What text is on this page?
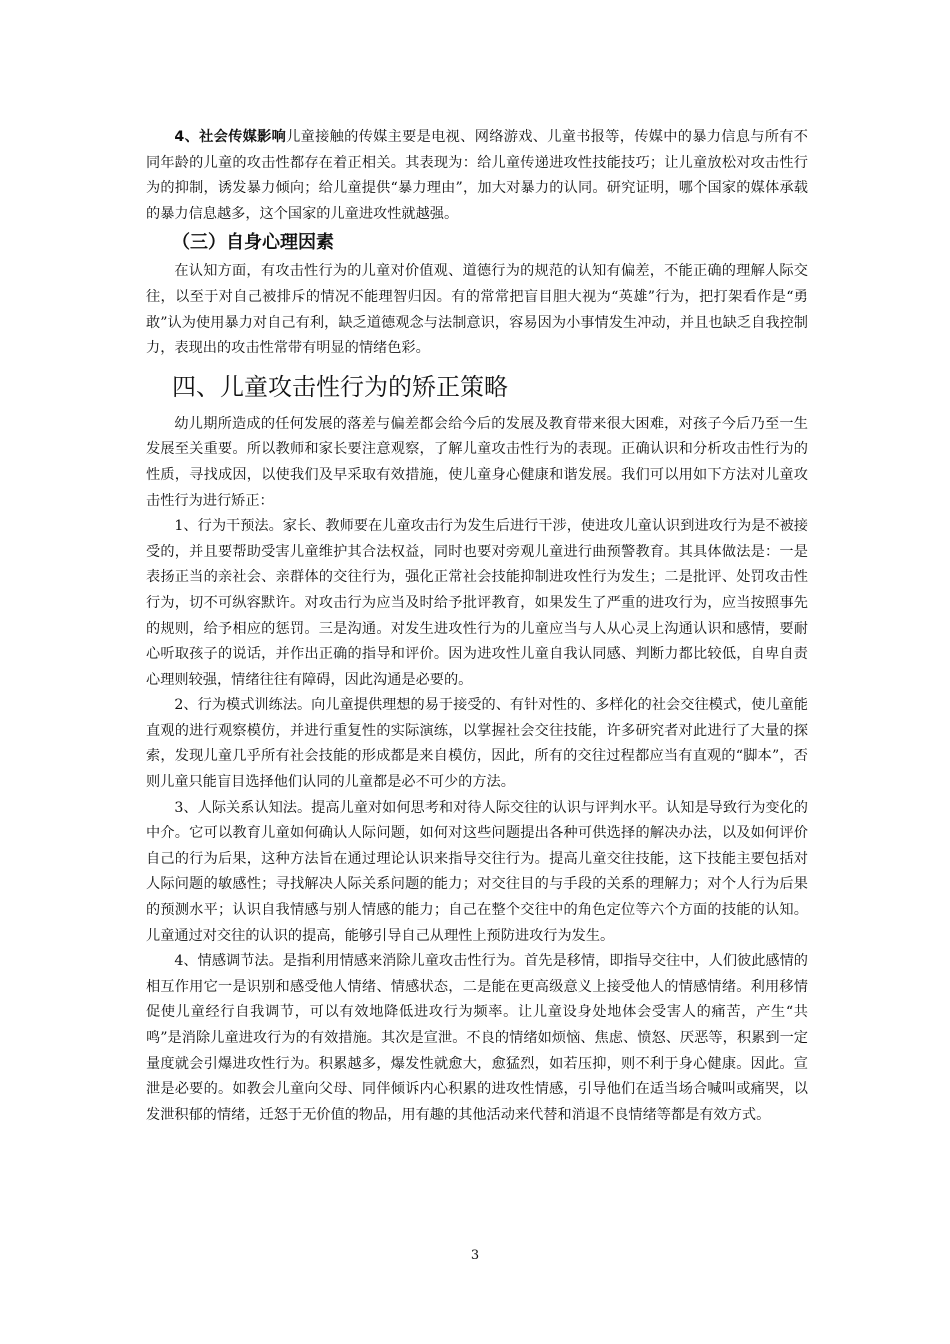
4、社会传媒影响儿童接触的传媒主要是电视、网络游戏、儿童书报等，传媒中的暴力信息与所有不同年龄的儿童的攻击性都存在着正相关。其表现为：给儿童传递进攻性技能技巧；让儿童放松对攻击性行为的抑制，诱发暴力倾向；给儿童提供“暴力理由”，加大对暴力的认同。研究证明，哪个国家的媒体承载的暴力信息越多，这个国家的儿童进攻性就越强。

（三）自身心理因素

在认知方面，有攻击性行为的儿童对价值观、道德行为的规范的认知有偏差，不能正确的理解人际交往，以至于对自己被排斥的情况不能理智归因。有的常常把盲目胆大视为“英雄”行为，把打架看作是“勇敢”认为使用暴力对自己有利，缺乏道德观念与法制意识，容易因为小事情发生冲动，并且也缺乏自我控制力，表现出的攻击性常带有明显的情绪色彩。

四、儿童攻击性行为的矫正策略

幼儿期所造成的任何发展的落差与偏差都会给今后的发展及教育带来很大困难，对孩子今后乃至一生发展至关重要。所以教师和家长要注意观察，了解儿童攻击性行为的表现。正确认识和分析攻击性行为的性质，寻找成因，以使我们及早采取有效措施，使儿童身心健康和谐发展。我们可以用如下方法对儿童攻击性行为进行矫正：

1、行为干预法。家长、教师要在儿童攻击行为发生后进行干涉，使进攻儿童认识到进攻行为是不被接受的，并且要帮助受害儿童维护其合法权益，同时也要对旁观儿童进行曲预警教育。其具体做法是：一是表扬正当的亲社会、亲群体的交往行为，强化正常社会技能抑制进攻性行为发生；二是批评、处罚攻击性行为，切不可纵容默许。对攻击行为应当及时给予批评教育，如果发生了严重的进攻行为，应当按照事先的规则，给予相应的惩罚。三是沟通。对发生进攻性行为的儿童应当与人从心灵上沟通认识和感情，要耐心听取孩子的说话，并作出正确的指导和评价。因为进攻性儿童自我认同感、判断力都比较低，自卑自责心理则较强，情绪往往有障碍，因此沟通是必要的。

2、行为模式训练法。向儿童提供理想的易于接受的、有针对性的、多样化的社会交往模式，使儿童能直观的进行观察模仿，并进行重复性的实际演练，以掌握社会交往技能，许多研究者对此进行了大量的探索，发现儿童几乎所有社会技能的形成都是来自模仿，因此，所有的交往过程都应当有直观的“脚本”，否则儿童只能盲目选择他们认同的儿童都是必不可少的方法。

3、人际关系认知法。提高儿童对如何思考和对待人际交往的认识与评判水平。认知是导致行为变化的中介。它可以教育儿童如何确认人际问题，如何对这些问题提出各种可供选择的解决办法，以及如何评价自己的行为后果，这种方法旨在通过理论认识来指导交往行为。提高儿童交往技能，这下技能主要包括对人际问题的敏感性；寻找解决人际关系问题的能力；对交往目的与手段的关系的理解力；对个人行为后果的预测水平；认识自我情感与别人情感的能力；自己在整个交往中的角色定位等六个方面的技能的认知。儿童通过对交往的认识的提高，能够引导自己从理性上预防进攻行为发生。

4、情感调节法。是指利用情感来消除儿童攻击性行为。首先是移情，即指导交往中，人们彼此感情的相互作用它一是识别和感受他人情绪、情感状态，二是能在更高级意义上接受他人的情感情绪。利用移情促使儿童经行自我调节，可以有效地降低进攻行为频率。让儿童设身处地体会受害人的痛苦，产生“共鸣”是消除儿童进攻行为的有效措施。其次是宣泄。不良的情绪如烦恼、焦虑、愤怒、厌恶等，积累到一定量度就会引爆进攻性行为。积累越多，爆发性就愈大，愈猛烈，如若压抑，则不利于身心健康。因此。宣泄是必要的。如教会儿童向父母、同伴倾诉内心积累的进攻性情感，引导他们在适当场合喊叫或痛哭，以发泄积郁的情绪，迁怒于无价值的物品，用有趣的其他活动来代替和消退不良情绪等都是有效方式。

3
